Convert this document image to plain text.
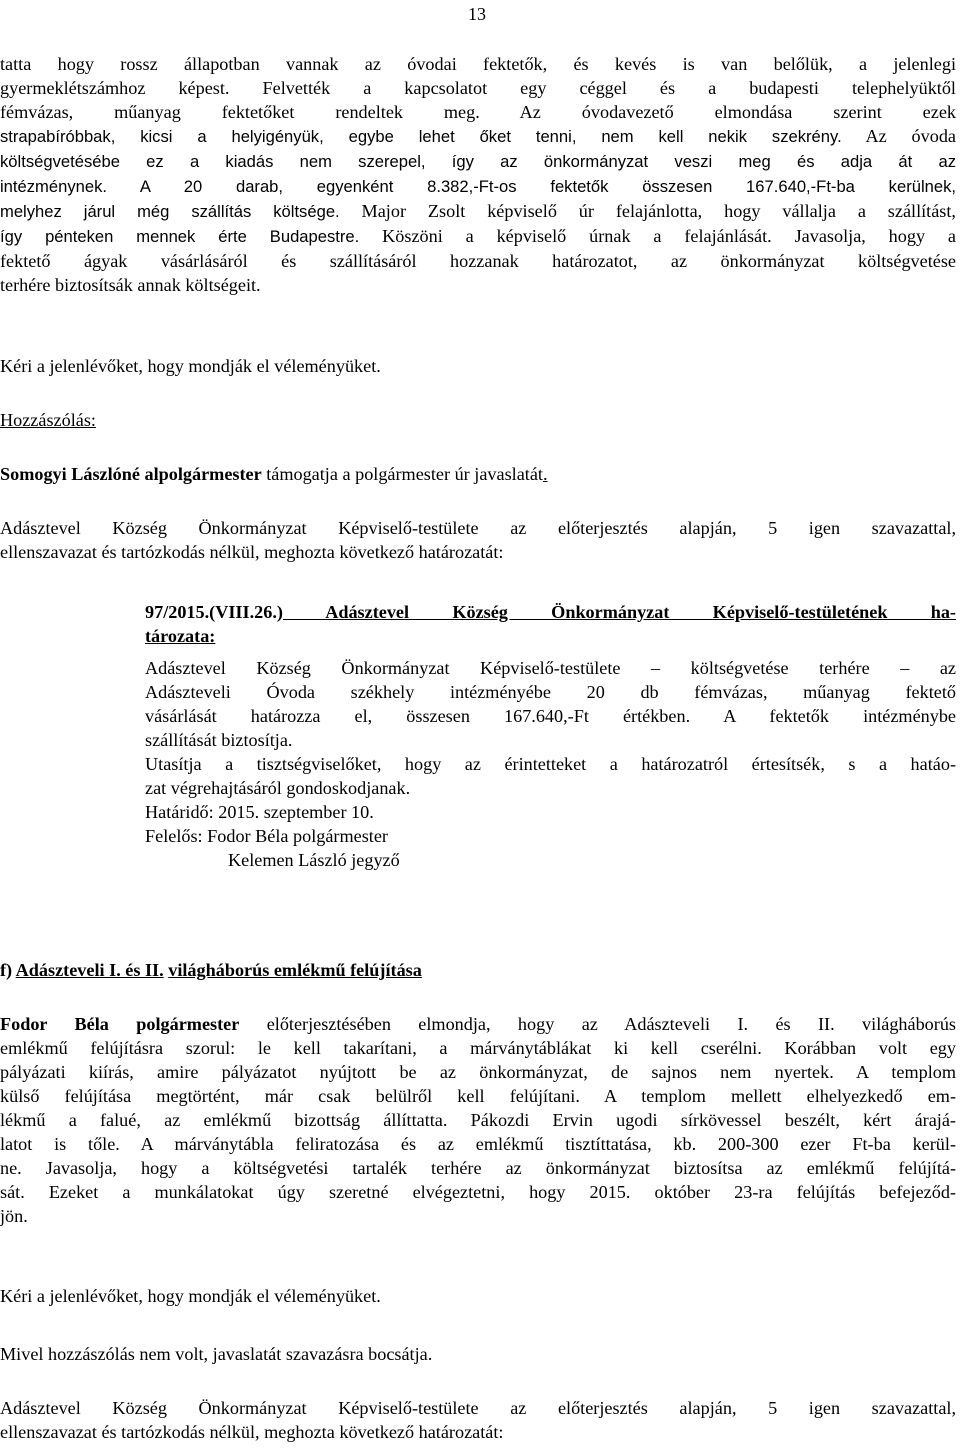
13

tatta hogy rossz állapotban vannak az óvodai fektetők, és kevés is van belőlük, a jelenlegi
gyermeklétszámhoz képest. Felvették a kapcsolatot egy céggel és a budapesti telephelyüktől
fémvázas, műanyag fektetőket rendeltek meg. Az óvodavezető elmondása szerint ezek
strapabíróbbak, kicsi a helyigényük, egybe lehet őket tenni, nem kell nekik szekrény. Az óvoda
költségvetésébe ez a kiadás nem szerepel, így az önkormányzat veszi meg és adja át az
intézménynek. A 20 darab, egyenként 8.382,-Ft-os fektetők összesen 167.640,-Ft-ba kerülnek,
melyhez járul még szállítás költsége. Major Zsolt képviselő úr felajánlotta, hogy vállalja a szállítást,
így pénteken mennek érte Budapestre. Köszöni a képviselő úrnak a felajánlását. Javasolja, hogy a
fektető ágyak vásárlásáról és szállításáról hozzanak határozatot, az önkormányzat költségvetése
terhére biztosítsák annak költségeit.

Kéri a jelenlévőket, hogy mondják el véleményüket.

Hozzászólás:

Somogyi Lászlóné alpolgármester támogatja a polgármester úr javaslatát.

Adásztevel Község Önkormányzat Képviselő-testülete az előterjesztés alapján, 5 igen szavazattal,
ellenszavazat és tartózkodás nélkül, meghozta következő határozatát:

97/2015.(VIII.26.) Adásztevel Község Önkormányzat Képviselő-testületének ha-
tározata:

Adásztevel Község Önkormányzat Képviselő-testülete – költségvetése terhére – az
Adászteveli Óvoda székhely intézményébe 20 db fémvázas, műanyag fektető
vásárlását határozza el, összesen 167.640,-Ft értékben. A fektetők intézménybe
szállítását biztosítja.
Utasítja a tisztségviselőket, hogy az érintetteket a határozatról értesítsék, s a hatáо-
zat végrehajtásáról gondoskodjanak.
Határidő: 2015. szeptember 10.
Felelős: Fodor Béla polgármester
Kelemen László jegyző

f) Adászteveli I. és II. világháborús emlékmű felújítása

Fodor Béla polgármester előterjesztésében elmondja, hogy az Adászteveli I. és II. világháborús
emlékmű felújításra szorul: le kell takarítani, a márványtáblákat ki kell cserélni. Korábban volt egy
pályázati kiírás, amire pályázatot nyújtott be az önkormányzat, de sajnos nem nyertek. A templom
külső felújítása megtörtént, már csak belülről kell felújítani. A templom mellett elhelyezkedő em-
lékmű a falué, az emlékmű bizottság állíttatta. Pákozdi Ervin ugodi sírkövessel beszélt, kért árajá-
latot is tőle. A márványtábla feliratozása és az emlékmű tisztíttatása, kb. 200-300 ezer Ft-ba kerül-
ne. Javasolja, hogy a költségvetési tartalék terhére az önkormányzat biztosítsa az emlékmű felújítá-
sát. Ezeket a munkálatokat úgy szeretné elvégeztetni, hogy 2015. október 23-ra felújítás befejeződ-
jön.

Kéri a jelenlévőket, hogy mondják el véleményüket.

Mivel hozzászólás nem volt, javaslatát szavazásra bocsátja.

Adásztevel Község Önkormányzat Képviselő-testülete az előterjesztés alapján, 5 igen szavazattal,
ellenszavazat és tartózkodás nélkül, meghozta következő határozatát:
